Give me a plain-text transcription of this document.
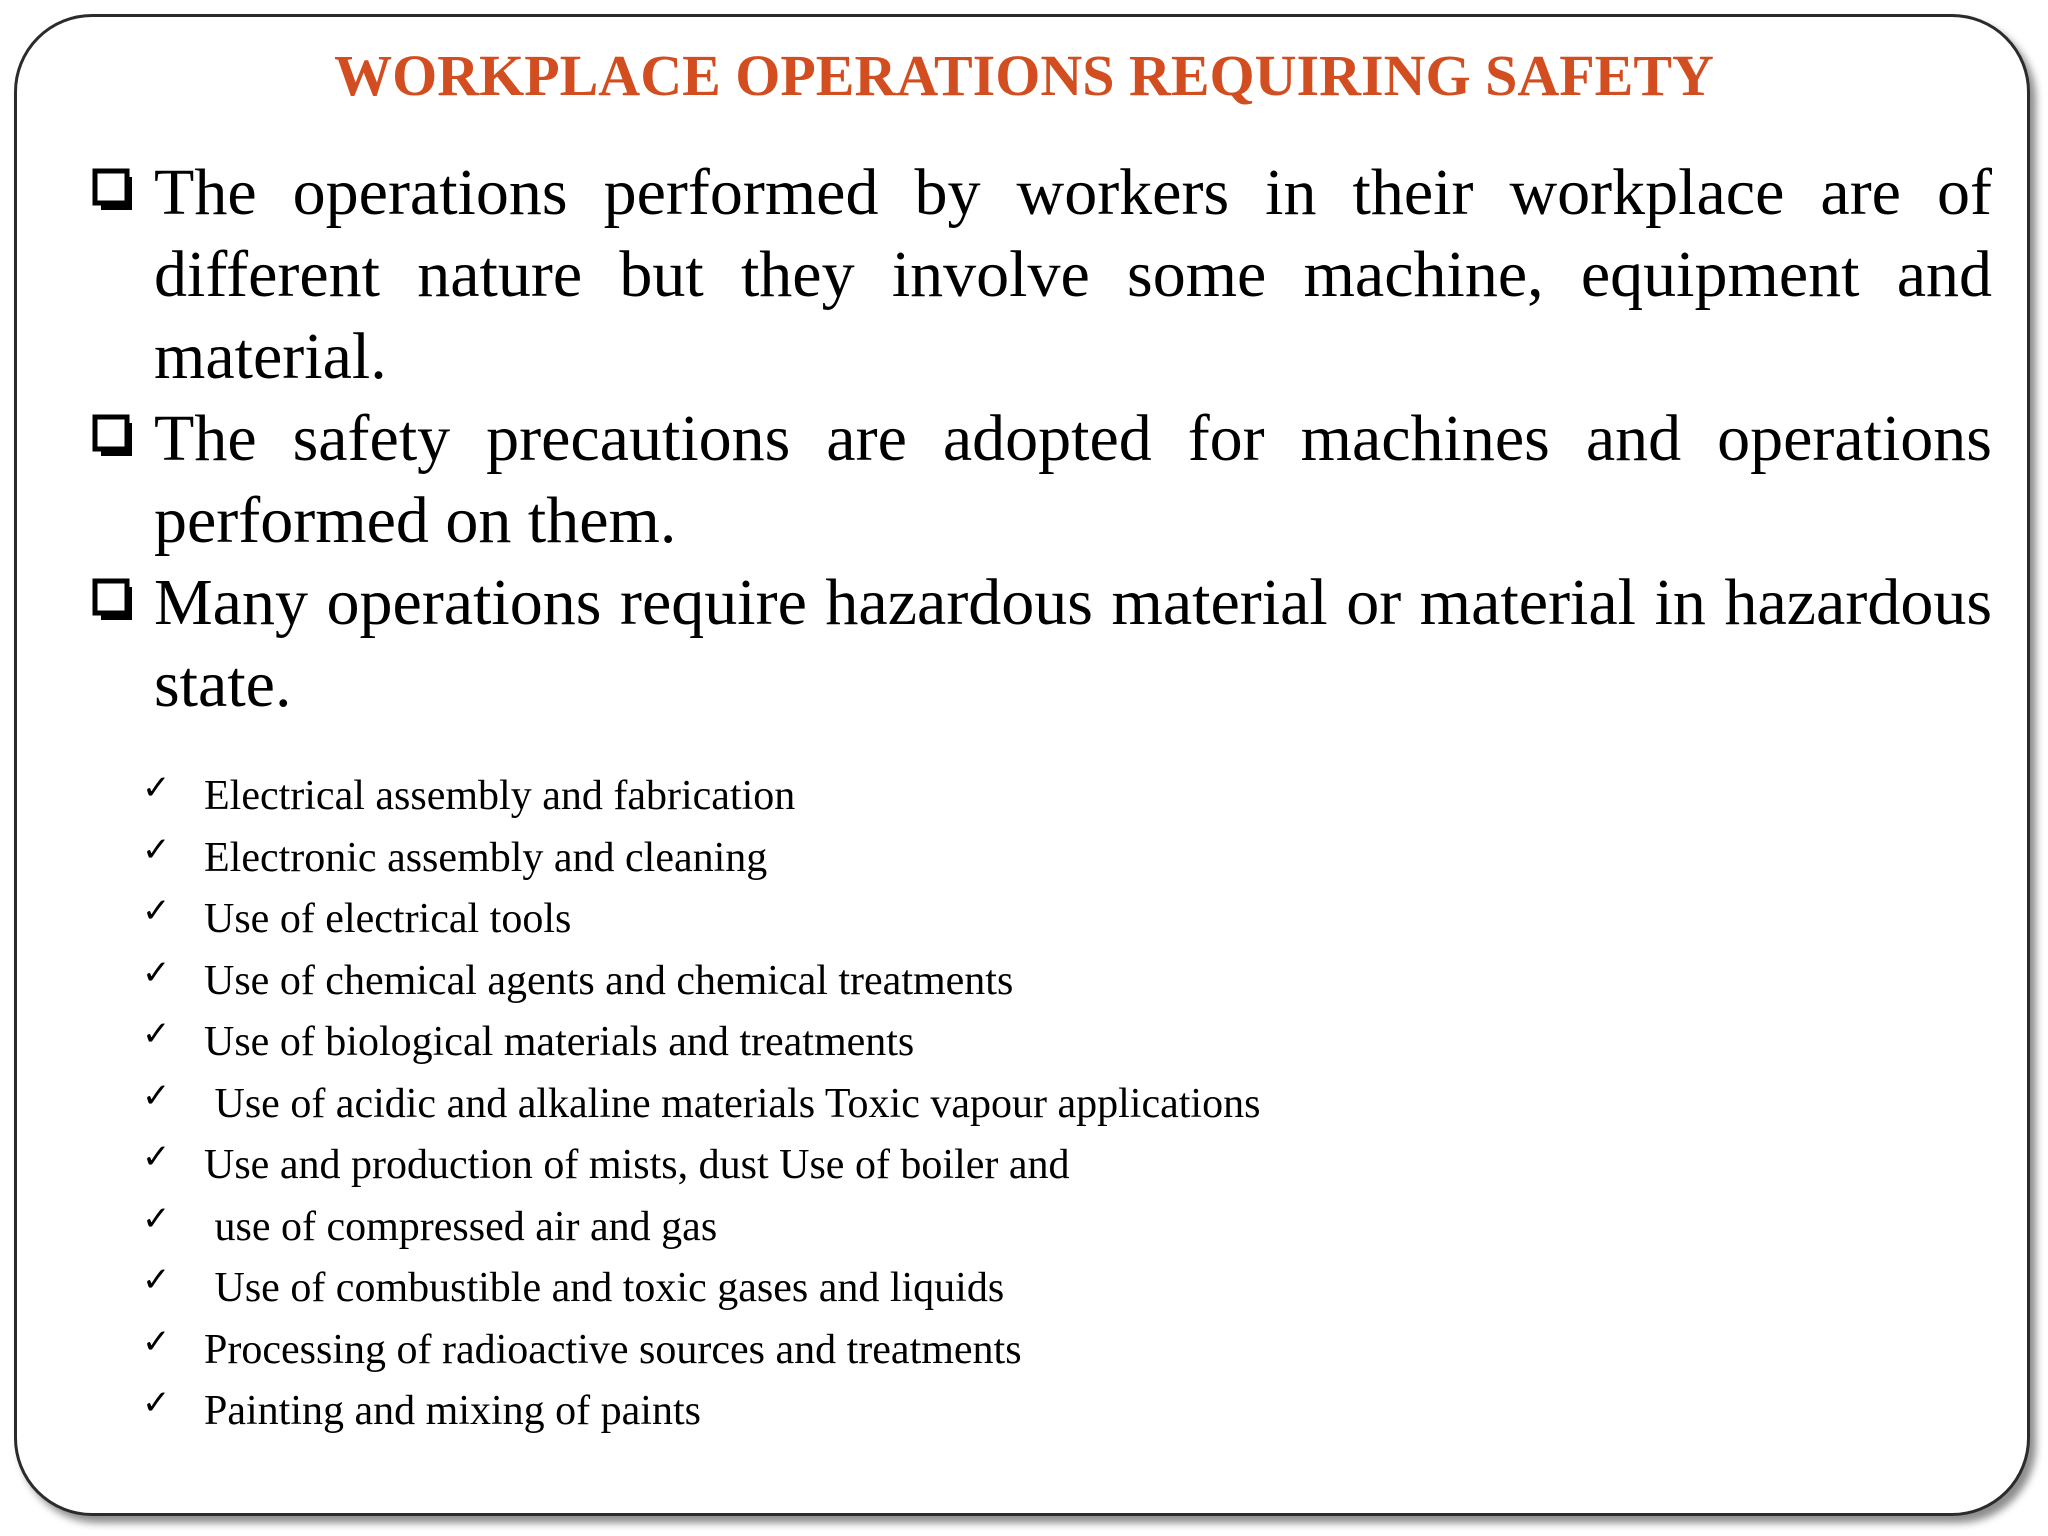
WORKPLACE OPERATIONS REQUIRING SAFETY
The operations performed by workers in their workplace are of different nature but they involve some machine, equipment and material.
The safety precautions are adopted for machines and operations performed on them.
Many operations require hazardous material or material in hazardous state.
✓ Electrical assembly and fabrication
✓ Electronic assembly and cleaning
✓ Use of electrical tools
✓ Use of chemical agents and chemical treatments
✓ Use of biological materials and treatments
✓ Use of acidic and alkaline materials Toxic vapour applications
✓ Use and production of mists, dust Use of boiler and
✓ use of compressed air and gas
✓ Use of combustible and toxic gases and liquids
✓ Processing of radioactive sources and treatments
✓ Painting and mixing of paints
